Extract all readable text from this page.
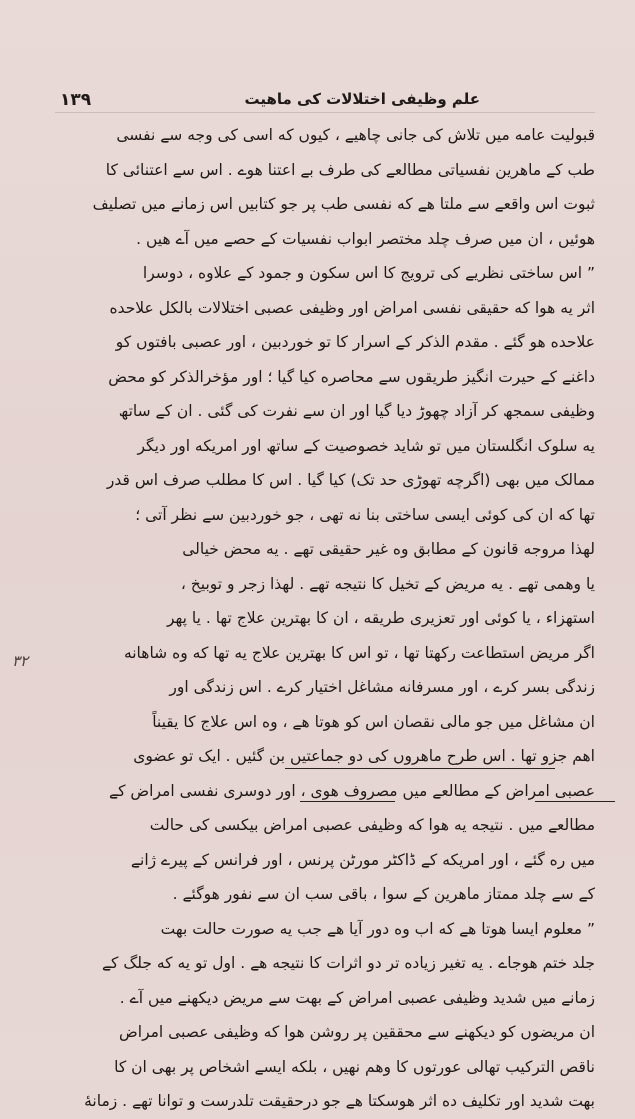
١٣٩	علم وظیفی اختلالات کی ماهیت
٣٢
قبولیت عامه میں تلاش کی جانی چاهیے ، کیوں که اسی کی وجه سے نفسی
طب کے ماهرین نفسیاتی مطالعے کی طرف بے اعتنا هوے . اس سے اعتنائی کا
ثبوت اس واقعے سے ملتا هے که نفسی طب پر جو کتابیں اس زمانے میں تصلیف
هوئیں ، ان میں صرف چلد مختصر ابواب نفسیات کے حصے میں آے هیں .
” اس ساختی نظریے کی ترویج کا اس سکون و جمود کے علاوه ، دوسرا
اثر یه هوا که حقیقی نفسی امراض اور وظیفی عصبی اختلالات بالکل علاحده
علاحده هو گئے . مقدم الذکر کے اسرار کا تو خوردبین ، اور عصبی بافتوں کو
داغنے کے حیرت انگیز طریقوں سے محاصره کیا گیا ؛ اور مؤخرالذکر کو محض
وظیفی سمجھ کر آزاد چھوڑ دیا گیا اور ان سے نفرت کی گئی . ان کے ساتھ
یه سلوک انگلستان میں تو شاید خصوصیت کے ساتھ اور امریکه اور دیگر
ممالک میں بھی (اگرچه تھوڑی حد تک) کیا گیا . اس کا مطلب صرف اس قدر
تھا که ان کی کوئی ایسی ساختی بنا نه تھی ، جو خوردبین سے نظر آتی ؛
لهذا مروجه قانون کے مطابق وه غیر حقیقی تھے . یه محض خیالی
یا وهمی تھے . یه مریض کے تخیل کا نتیجه تھے . لهذا زجر و توبیخ ،
استهزاء ، یا کوئی اور تعزیری طریقه ، ان کا بهترین علاج تھا . یا پھر
اگر مریض استطاعت رکھتا تھا ، تو اس کا بهترین علاج یه تھا که وه شاهانه
زندگی بسر کرے ، اور مسرفانه مشاغل اختیار کرے . اس زندگی اور
ان مشاغل میں جو مالی نقصان اس کو هوتا هے ، وه اس علاج کا یقیناً
اهم جزو تھا . اس طرح ماهروں کی دو جماعتیں بن گئیں . ایک تو عضوی
عصبی امراض کے مطالعے میں مصروف هوی ، اور دوسری نفسی امراض کے
مطالعے میں . نتیجه یه هوا که وظیفی عصبی امراض بیکسی کی حالت
میں ره گئے ، اور امریکه کے ڈاکٹر مورٹن پرنس ، اور فرانس کے پیرے ژانے
کے سے چلد ممتاز ماهرین کے سوا ، باقی سب ان سے نفور هوگئے .
” معلوم ایسا هوتا هے که اب وه دور آیا هے جب یه صورت حالت بهت
جلد ختم هوجاے . یه تغیر زیاده تر دو اثرات کا نتیجه هے . اول تو یه که جلگ کے
زمانے میں شدید وظیفی عصبی امراض کے بهت سے مریض دیکھنے میں آے .
ان مریضوں کو دیکھنے سے محققین پر روشن هوا که وظیفی عصبی امراض
ناقص الترکیب تهالی عورتوں کا وهم نهیں ، بلکه ایسے اشخاص پر بھی ان کا
بهت شدید اور تکلیف ده اثر هوسکتا هے جو درحقیقت تلدرست و توانا تھے . زمانهٔ
